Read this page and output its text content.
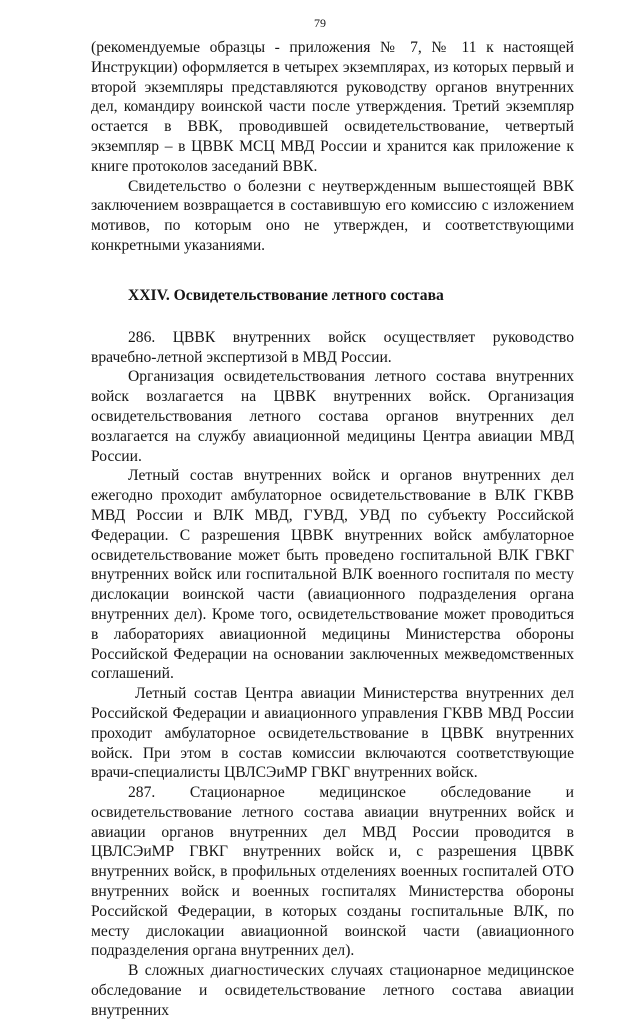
79

(рекомендуемые образцы - приложения № 7, № 11 к настоящей Инструкции) оформляется в четырех экземплярах, из которых первый и второй экземпляры представляются руководству органов внутренних дел, командиру воинской части после утверждения. Третий экземпляр остается в ВВК, проводившей освидетельствование, четвертый экземпляр – в ЦВВК МСЦ МВД России и хранится как приложение к книге протоколов заседаний ВВК.

Свидетельство о болезни с неутвержденным вышестоящей ВВК заключением возвращается в составившую его комиссию с изложением мотивов, по которым оно не утвержден, и соответствующими конкретными указаниями.

XXIV. Освидетельствование летного состава

286. ЦВВК внутренних войск осуществляет руководство врачебно-летной экспертизой в МВД России.

Организация освидетельствования летного состава внутренних войск возлагается на ЦВВК внутренних войск. Организация освидетельствования летного состава органов внутренних дел возлагается на службу авиационной медицины Центра авиации МВД России.

Летный состав внутренних войск и органов внутренних дел ежегодно проходит амбулаторное освидетельствование в ВЛК ГКВВ МВД России и ВЛК МВД, ГУВД, УВД по субъекту Российской Федерации. С разрешения ЦВВК внутренних войск амбулаторное освидетельствование может быть проведено госпитальной ВЛК ГВКГ внутренних войск или госпитальной ВЛК военного госпиталя по месту дислокации воинской части (авиационного подразделения органа внутренних дел). Кроме того, освидетельствование может проводиться в лабораториях авиационной медицины Министерства обороны Российской Федерации на основании заключенных межведомственных соглашений.

Летный состав Центра авиации Министерства внутренних дел Российской Федерации и авиационного управления ГКВВ МВД России проходит амбулаторное освидетельствование в ЦВВК внутренних войск. При этом в состав комиссии включаются соответствующие врачи-специалисты ЦВЛСЭиМР ГВКГ внутренних войск.

287. Стационарное медицинское обследование и освидетельствование летного состава авиации внутренних войск и авиации органов внутренних дел МВД России проводится в ЦВЛСЭиМР ГВКГ внутренних войск и, с разрешения ЦВВК внутренних войск, в профильных отделениях военных госпиталей ОТО внутренних войск и военных госпиталях Министерства обороны Российской Федерации, в которых созданы госпитальные ВЛК, по месту дислокации авиационной воинской части (авиационного подразделения органа внутренних дел).

В сложных диагностических случаях стационарное медицинское обследование и освидетельствование летного состава авиации внутренних
